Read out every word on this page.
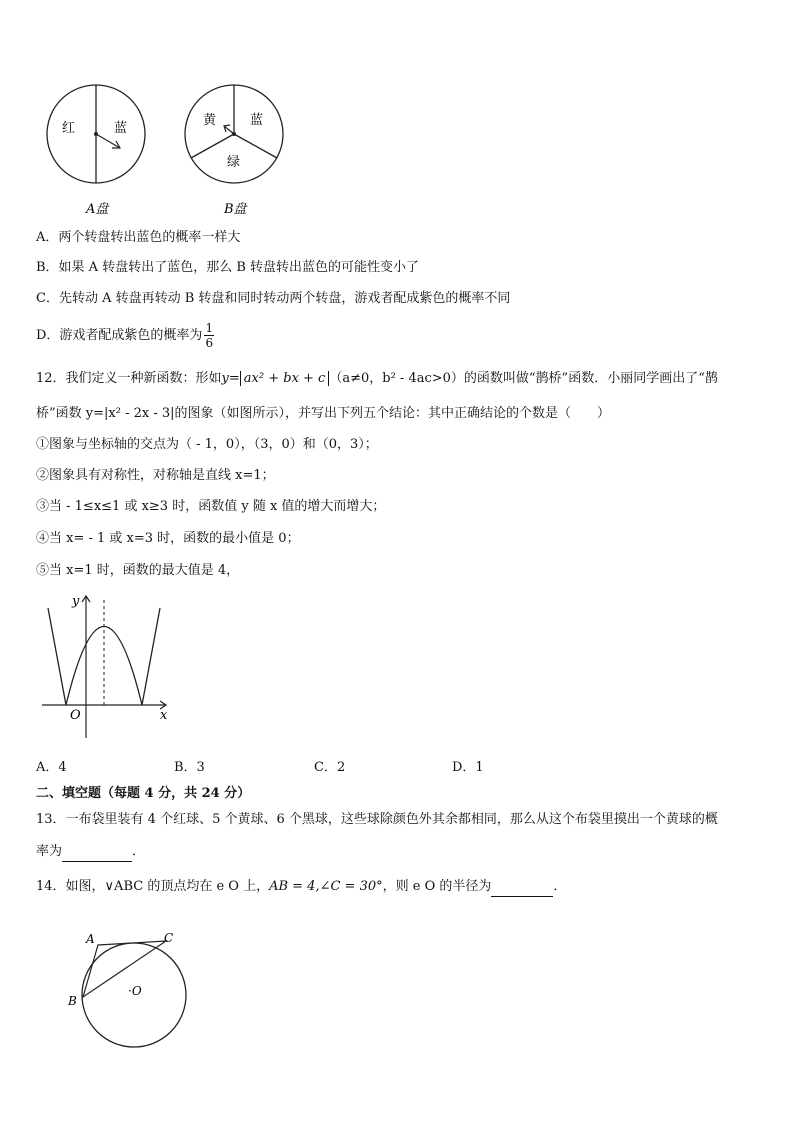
红	蓝
A盘
黄	蓝
绿
B盘
A．两个转盘转出蓝色的概率一样大
B．如果 A 转盘转出了蓝色，那么 B 转盘转出蓝色的可能性变小了
C．先转动 A 转盘再转动 B 转盘和同时转动两个转盘，游戏者配成紫色的概率不同
D．游戏者配成紫色的概率为 $\frac{1}{6}$
12．我们定义一种新函数：形如y= ax² + bx + c （a≠0，b² - 4ac>0）的函数叫做“鹊桥”函数．小丽同学画出了“鹊
桥”函数 y=|x² - 2x - 3|的图象（如图所示），并写出下列五个结论：其中正确结论的个数是（　　）
①图象与坐标轴的交点为（ - 1，0），（3，0）和（0，3）；
②图象具有对称性，对称轴是直线 x=1；
③当 - 1≤x≤1 或 x≥3 时，函数值 y 随 x 值的增大而增大；
④当 x= - 1 或 x=3 时，函数的最小值是 0；
⑤当 x=1 时，函数的最大值是 4，
y
x
O
A．4	B．3	C．2	D．1
二、填空题（每题 4 分，共 24 分）
13．一布袋里装有 4 个红球、5 个黄球、6 个黑球，这些球除颜色外其余都相同，那么从这个布袋里摸出一个黄球的概
率为	．
14．如图，∨ABC 的顶点均在 e O 上，AB = 4,∠C = 30°，则 e O 的半径为	．
A	C
B
·O
